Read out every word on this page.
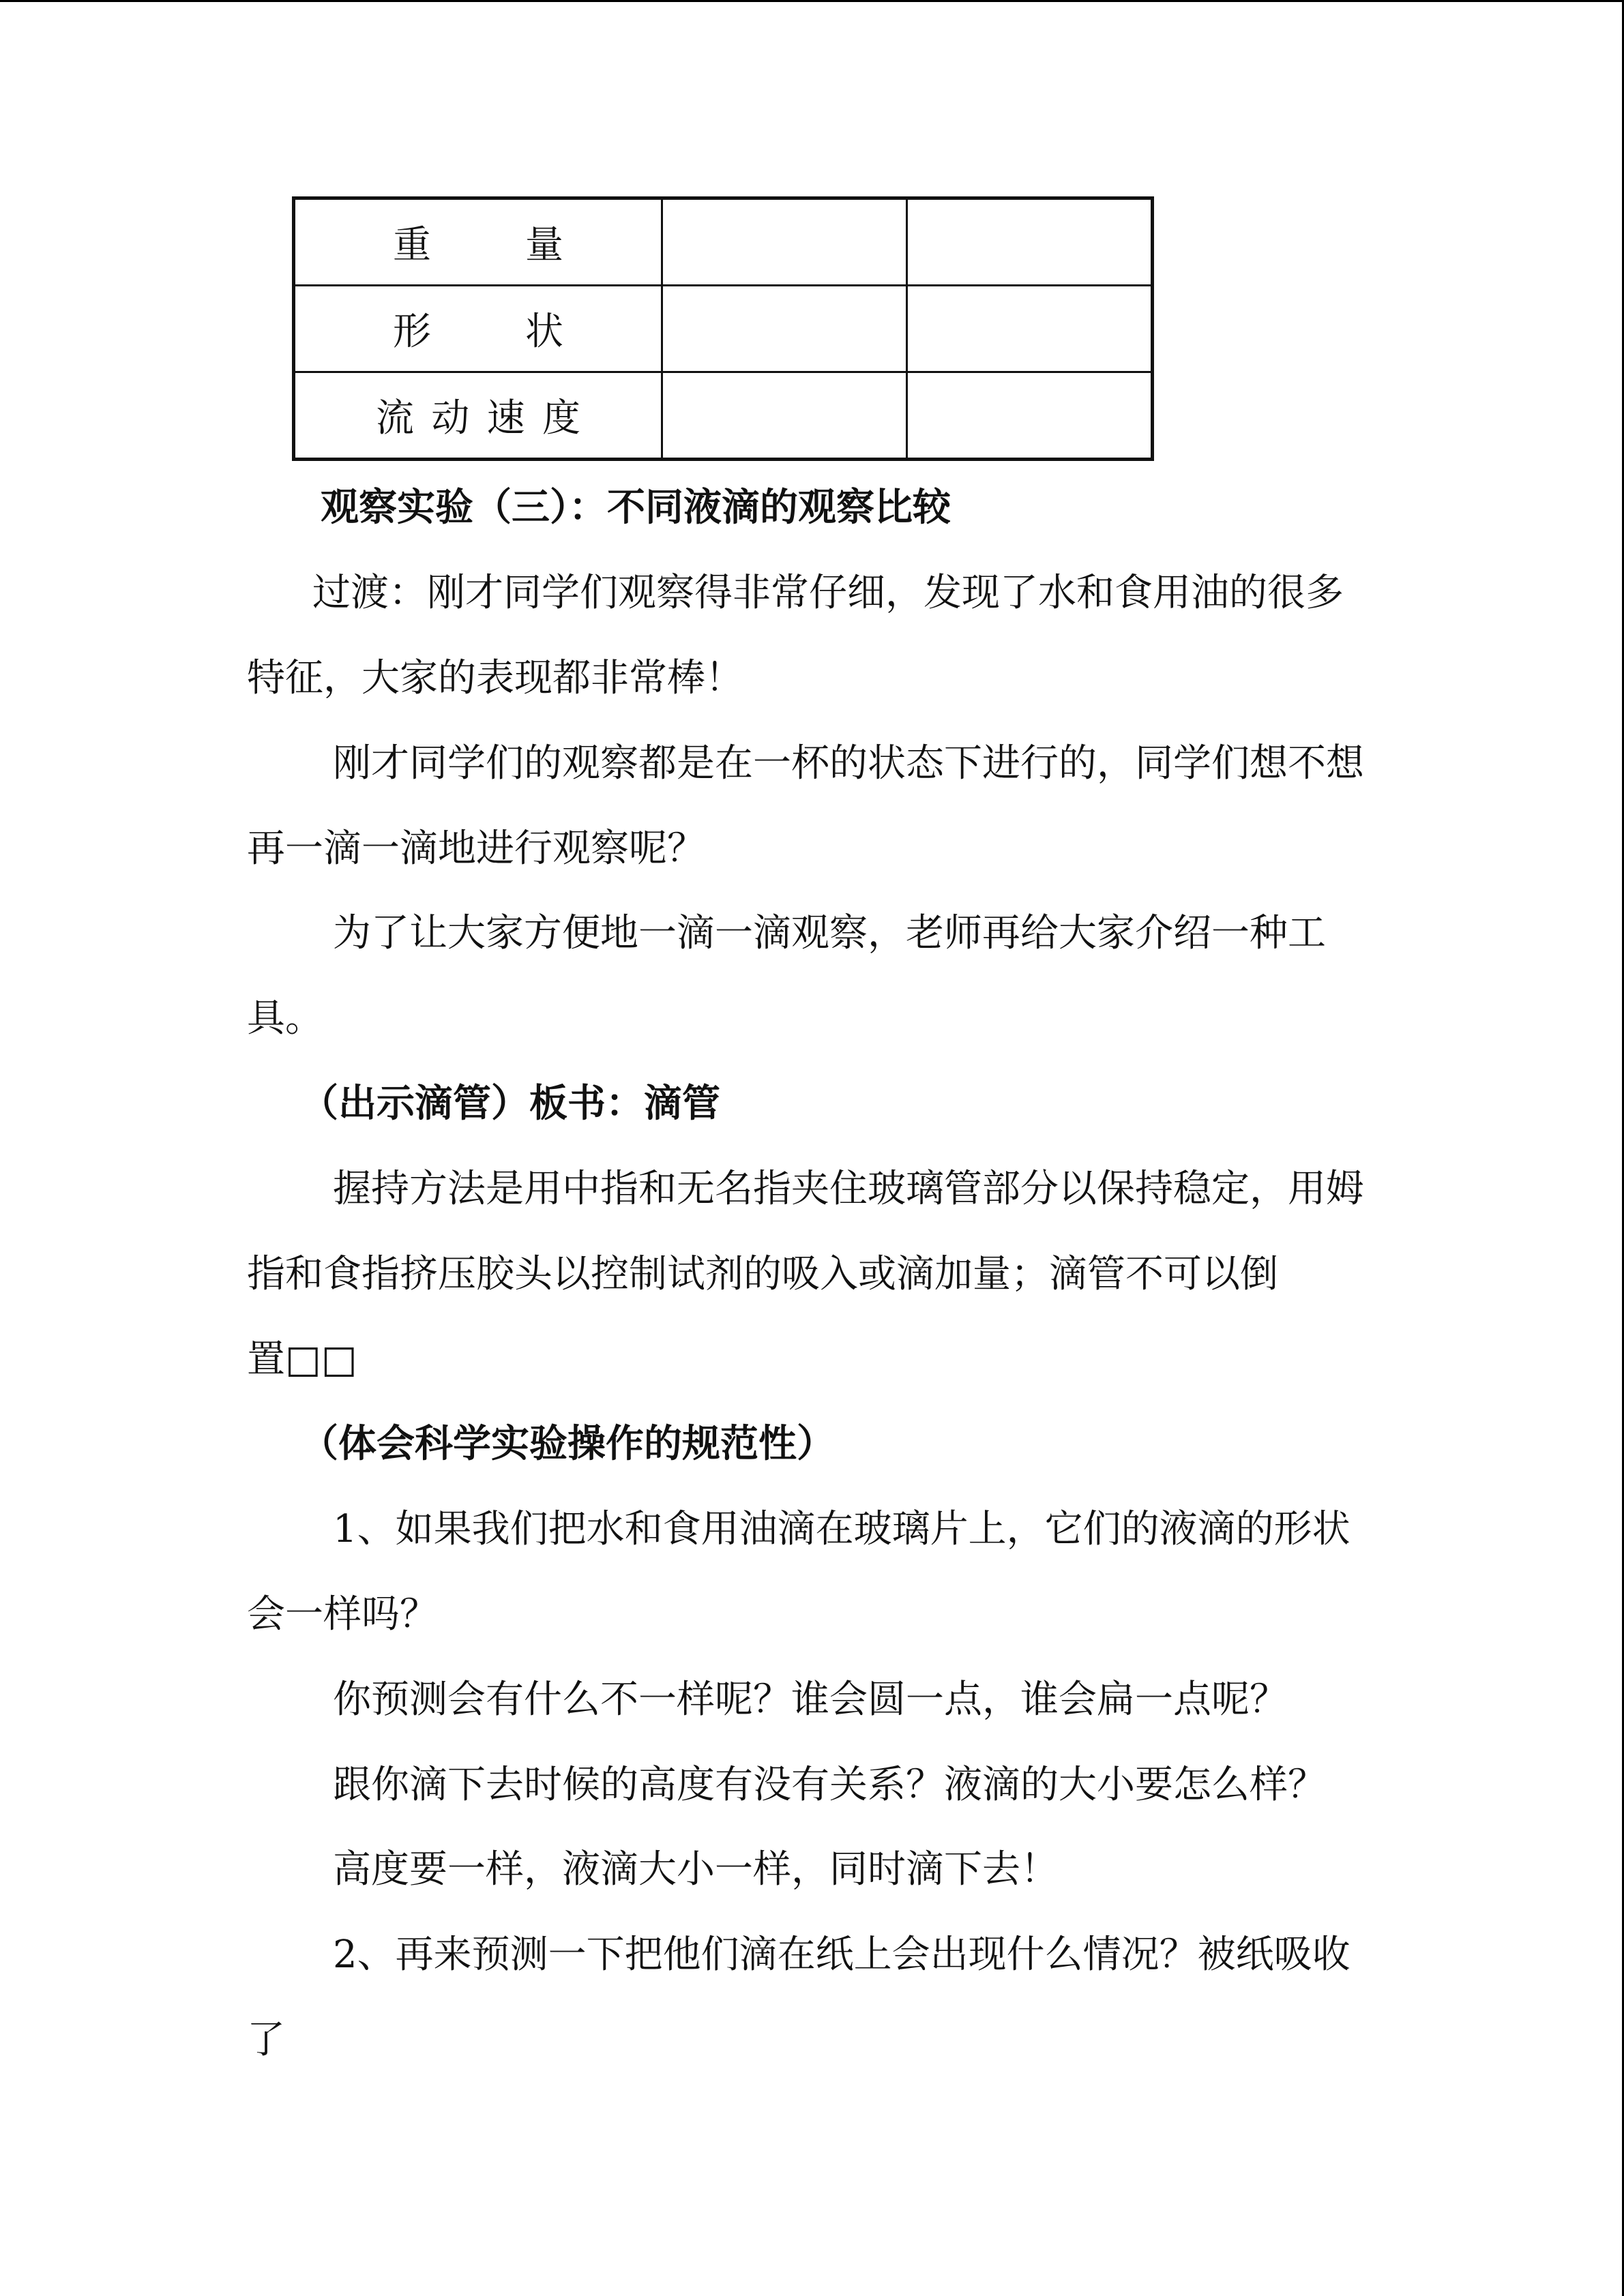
重 量		

形 状		

流 动 速 度		

观察实验（三）：不同液滴的观察比较

过渡：刚才同学们观察得非常仔细，发现了水和食用油的很多

特征，大家的表现都非常棒！

刚才同学们的观察都是在一杯的状态下进行的，同学们想不想

再一滴一滴地进行观察呢？

为了让大家方便地一滴一滴观察，老师再给大家介绍一种工

具。

（出示滴管）板书：滴管

握持方法是用中指和无名指夹住玻璃管部分以保持稳定，用姆

指和食指挤压胶头以控制试剂的吸入或滴加量；滴管不可以倒

置□□

（体会科学实验操作的规范性）

1、如果我们把水和食用油滴在玻璃片上，它们的液滴的形状

会一样吗？

你预测会有什么不一样呢？谁会圆一点，谁会扁一点呢？

跟你滴下去时候的高度有没有关系？液滴的大小要怎么样？

高度要一样，液滴大小一样，同时滴下去！

2、再来预测一下把他们滴在纸上会出现什么情况？被纸吸收

了
